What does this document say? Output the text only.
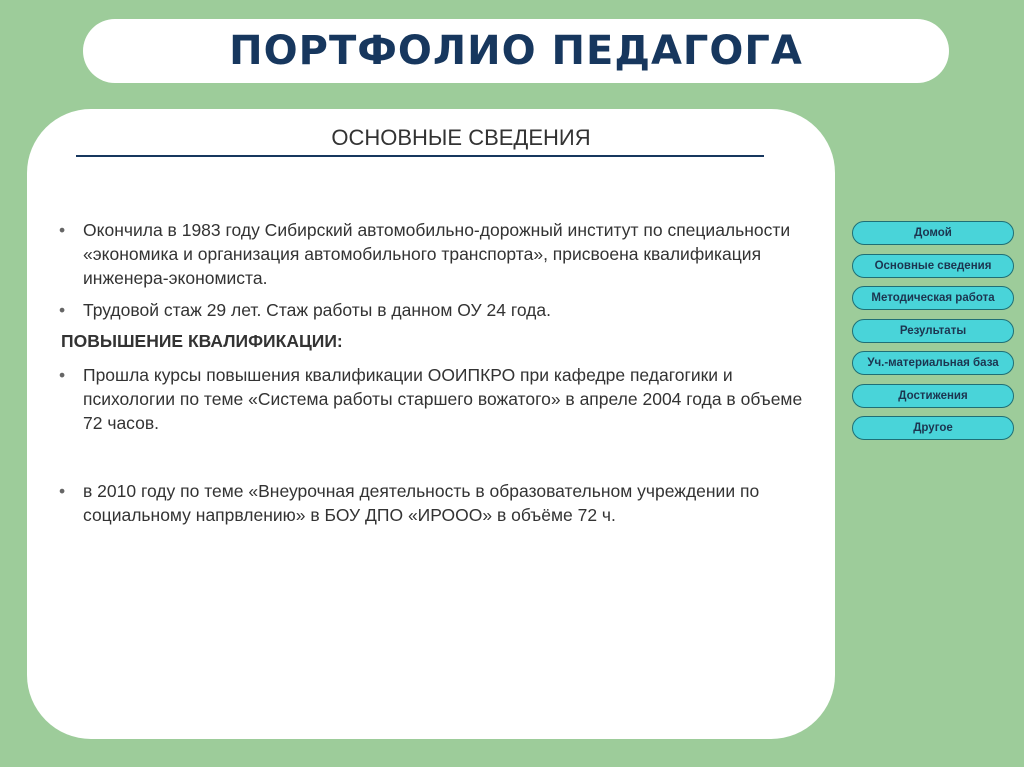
ПОРТФОЛИО ПЕДАГОГА
ОСНОВНЫЕ СВЕДЕНИЯ

• Окончила в 1983 году Сибирский автомобильно-дорожный институт по специальности «экономика и организация автомобильного транспорта», присвоена квалификация инженера-экономиста.

• Трудовой стаж 29 лет. Стаж работы в данном ОУ 24 года.

ПОВЫШЕНИЕ КВАЛИФИКАЦИИ:

• Прошла курсы повышения квалификации ООИПКРО при кафедре педагогики и психологии по теме «Система работы старшего вожатого» в апреле 2004 года в объеме 72 часов.

• в 2010 году по теме «Внеурочная деятельность в образовательном учреждении по социальному напрвлению» в БОУ ДПО «ИРООО» в объёме 72 ч.

Домой
Основные сведения
Методическая работа
Результаты
Уч.-материальная база
Достижения
Другое
